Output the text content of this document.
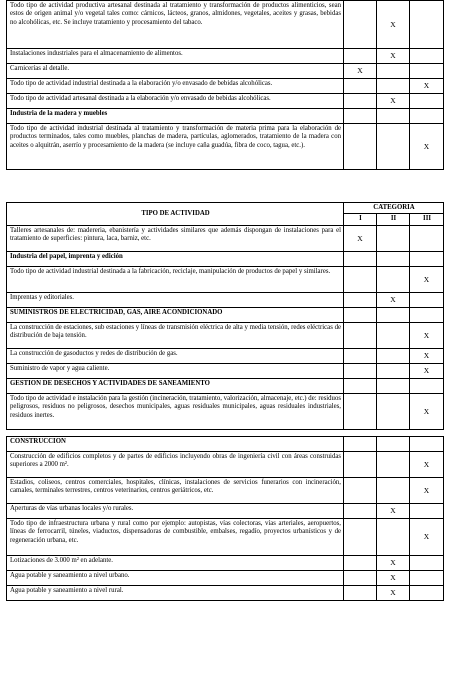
Todo tipo de actividad productiva artesanal destinada al tratamiento y transformación de productos alimenticios, sean estos de origen animal y/o vegetal tales como: cárnicos, lácteos, granos, almidones, vegetales, aceites y grasas, bebidas no alcohólicas, etc. Se incluye tratamiento y procesamiento del tabaco.		X	
Instalaciones industriales para el almacenamiento de alimentos.		X	
Carnicerías al detalle.	X		
Todo tipo de actividad industrial destinada a la elaboración y/o envasado de bebidas alcohólicas.			X
Todo tipo de actividad artesanal destinada a la elaboración y/o envasado de bebidas alcohólicas.		X	
Industria de la madera y muebles			
Todo tipo de actividad industrial destinada al tratamiento y transformación de materia prima para la elaboración de productos terminados, tales como muebles, planchas de madera, partículas, aglomerados, tratamiento de la madera con aceites o alquitrán, aserrío y procesamiento de la madera (se incluye caña guadúa, fibra de coco, tagua, etc.).			X
TIPO DE ACTIVIDAD	CATEGORIA		
	I	II	III
Talleres artesanales de: madereria, ebanistería y actividades similares que además dispongan de instalaciones para el tratamiento de superficies: pintura, laca, barniz, etc.	X		
Industria del papel, imprenta y edición			
Todo tipo de actividad industrial destinada a la fabricación, reciclaje, manipulación de productos de papel y similares.			X
Imprentas y editoriales.		X	
SUMINISTROS DE ELECTRICIDAD, GAS, AIRE ACONDICIONADO			
La construcción de estaciones, sub estaciones y líneas de transmisión eléctrica de alta y media tensión, redes eléctricas de distribución de baja tensión.			X
La construcción de gasoductos y redes de distribución de gas.			X
Suministro de vapor y agua caliente.			X
GESTION DE DESECHOS Y ACTIVIDADES DE SANEAMIENTO			
Todo tipo de actividad e instalación para la gestión (incineración, tratamiento, valorización, almacenaje, etc.) de: residuos peligrosos, residuos no peligrosos, desechos municipales, aguas residuales municipales, aguas residuales industriales, residuos inertes.			X

CONSTRUCCION			
Construcción de edificios completos y de partes de edificios incluyendo obras de ingeniería civil con áreas construidas superiores a 2000 m².			X
Estadios, coliseos, centros comerciales, hospitales, clínicas, instalaciones de servicios funerarios con incineración, camales, terminales terrestres, centros veterinarios, centros geriátricos, etc.			X
Aperturas de vías urbanas locales y/o rurales.		X	
Todo tipo de infraestructura urbana y rural como por ejemplo: autopistas, vías colectoras, vías arteriales, aeropuertos, líneas de ferrocarril, túneles, viaductos, dispensadoras de combustible, embalses, regadío, proyectos urbanísticos y de regeneración urbana, etc.			X
Lotizaciones de 3.000 m² en adelante.		X	
Agua potable y saneamiento a nivel urbano.		X	
Agua potable y saneamiento a nivel rural.		X	
